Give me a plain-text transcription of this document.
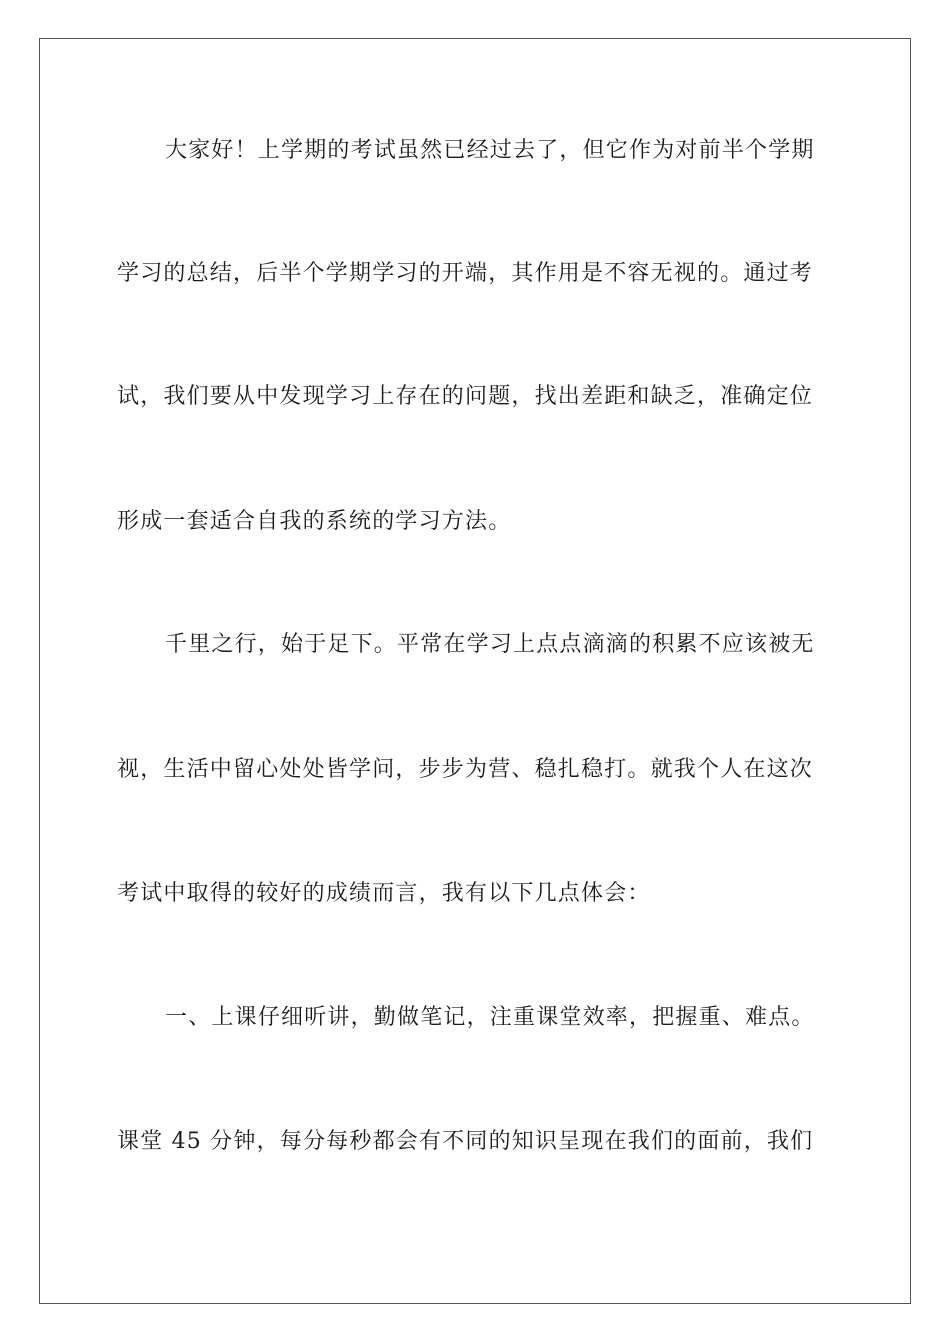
大家好！上学期的考试虽然已经过去了，但它作为对前半个学期
学习的总结，后半个学期学习的开端，其作用是不容无视的。通过考
试，我们要从中发现学习上存在的问题，找出差距和缺乏，准确定位
形成一套适合自我的系统的学习方法。
千里之行，始于足下。平常在学习上点点滴滴的积累不应该被无
视，生活中留心处处皆学问，步步为营、稳扎稳打。就我个人在这次
考试中取得的较好的成绩而言，我有以下几点体会：
一、上课仔细听讲，勤做笔记，注重课堂效率，把握重、难点。
课堂 45 分钟，每分每秒都会有不同的知识呈现在我们的面前，我们
